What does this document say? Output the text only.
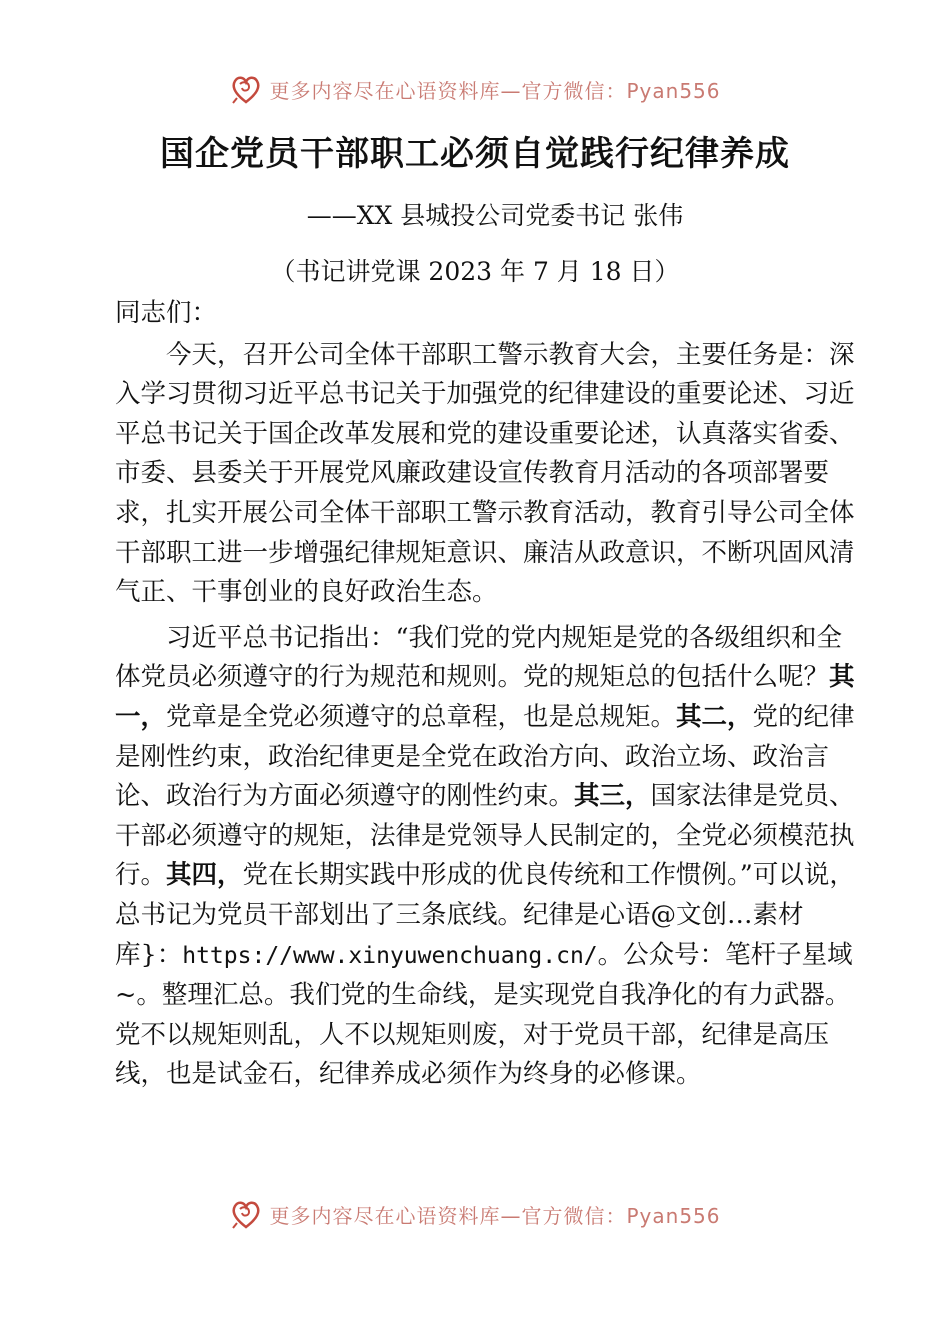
更多内容尽在心语资料库—官方微信：Pyan556
国企党员干部职工必须自觉践行纪律养成
——XX 县城投公司党委书记 张伟
（书记讲党课 2023 年 7 月 18 日）

同志们：

今天，召开公司全体干部职工警示教育大会，主要任务是：深入学习贯彻习近平总书记关于加强党的纪律建设的重要论述、习近平总书记关于国企改革发展和党的建设重要论述，认真落实省委、市委、县委关于开展党风廉政建设宣传教育月活动的各项部署要求，扎实开展公司全体干部职工警示教育活动，教育引导公司全体干部职工进一步增强纪律规矩意识、廉洁从政意识，不断巩固风清气正、干事创业的良好政治生态。

习近平总书记指出：“我们党的党内规矩是党的各级组织和全体党员必须遵守的行为规范和规则。党的规矩总的包括什么呢？其一，党章是全党必须遵守的总章程，也是总规矩。其二，党的纪律是刚性约束，政治纪律更是全党在政治方向、政治立场、政治言论、政治行为方面必须遵守的刚性约束。其三，国家法律是党员、干部必须遵守的规矩，法律是党领导人民制定的，全党必须模范执行。其四，党在长期实践中形成的优良传统和工作惯例。”可以说，总书记为党员干部划出了三条底线。纪律是心语@文创…素材库}：https://www.xinyuwenchuang.cn/。公众号：笔杆子星域~。整理汇总。我们党的生命线，是实现党自我净化的有力武器。党不以规矩则乱，人不以规矩则废，对于党员干部，纪律是高压线，也是试金石，纪律养成必须作为终身的必修课。

更多内容尽在心语资料库—官方微信：Pyan556
